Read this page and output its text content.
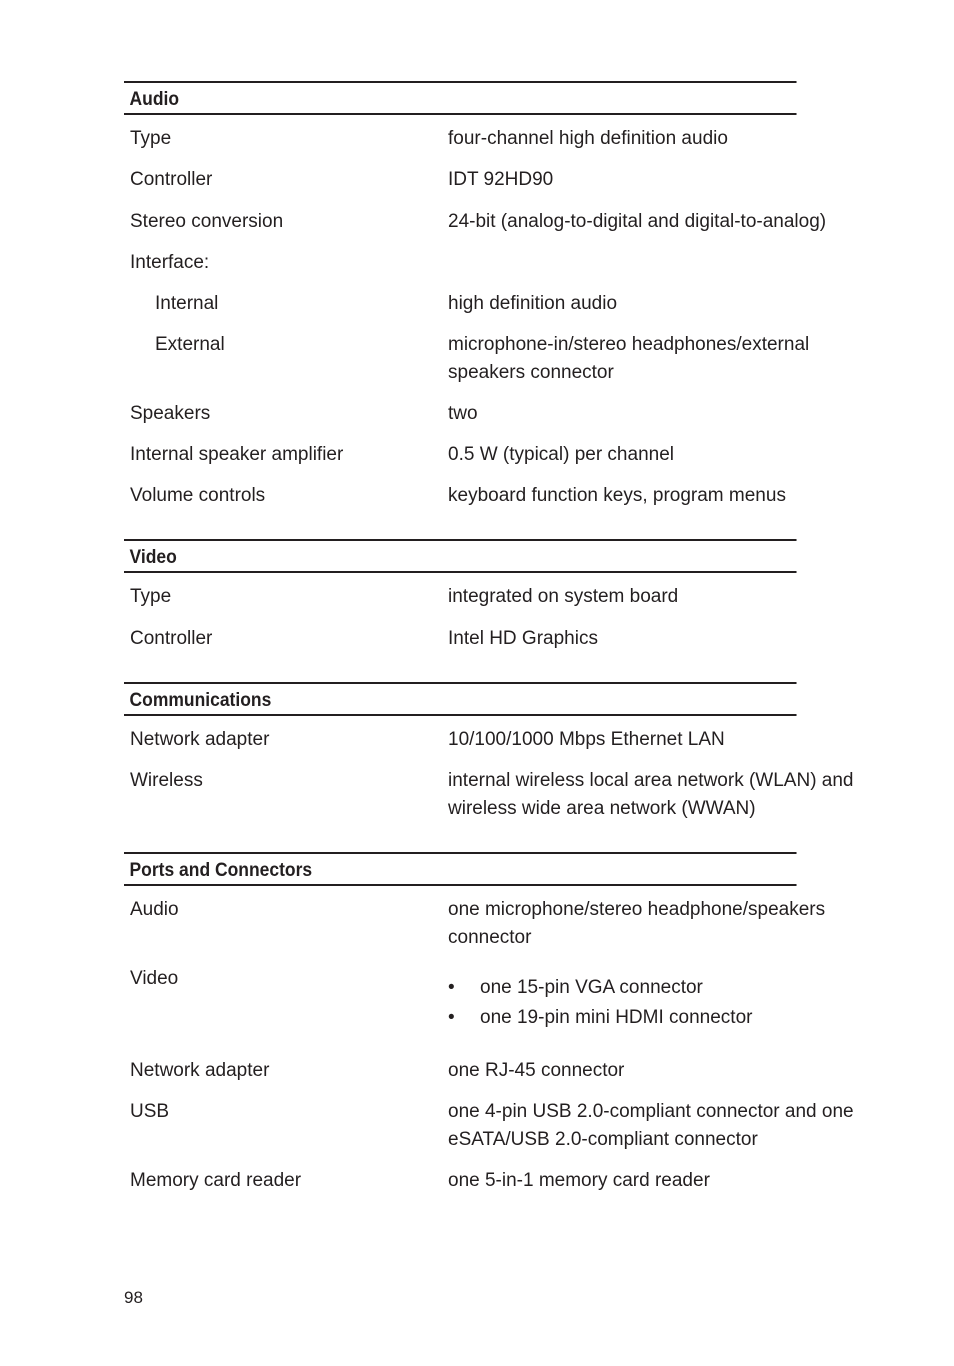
Audio
Type	four-channel high definition audio
Controller	IDT 92HD90
Stereo conversion	24-bit (analog-to-digital and digital-to-analog)
Interface:
Internal	high definition audio
External	microphone-in/stereo headphones/external speakers connector
Speakers	two
Internal speaker amplifier	0.5 W (typical) per channel
Volume controls	keyboard function keys, program menus
Video
Type	integrated on system board
Controller	Intel HD Graphics
Communications
Network adapter	10/100/1000 Mbps Ethernet LAN
Wireless	internal wireless local area network (WLAN) and wireless wide area network (WWAN)
Ports and Connectors
Audio	one microphone/stereo headphone/speakers connector
Video	• one 15-pin VGA connector
• one 19-pin mini HDMI connector
Network adapter	one RJ-45 connector
USB	one 4-pin USB 2.0-compliant connector and one eSATA/USB 2.0-compliant connector
Memory card reader	one 5-in-1 memory card reader
98
